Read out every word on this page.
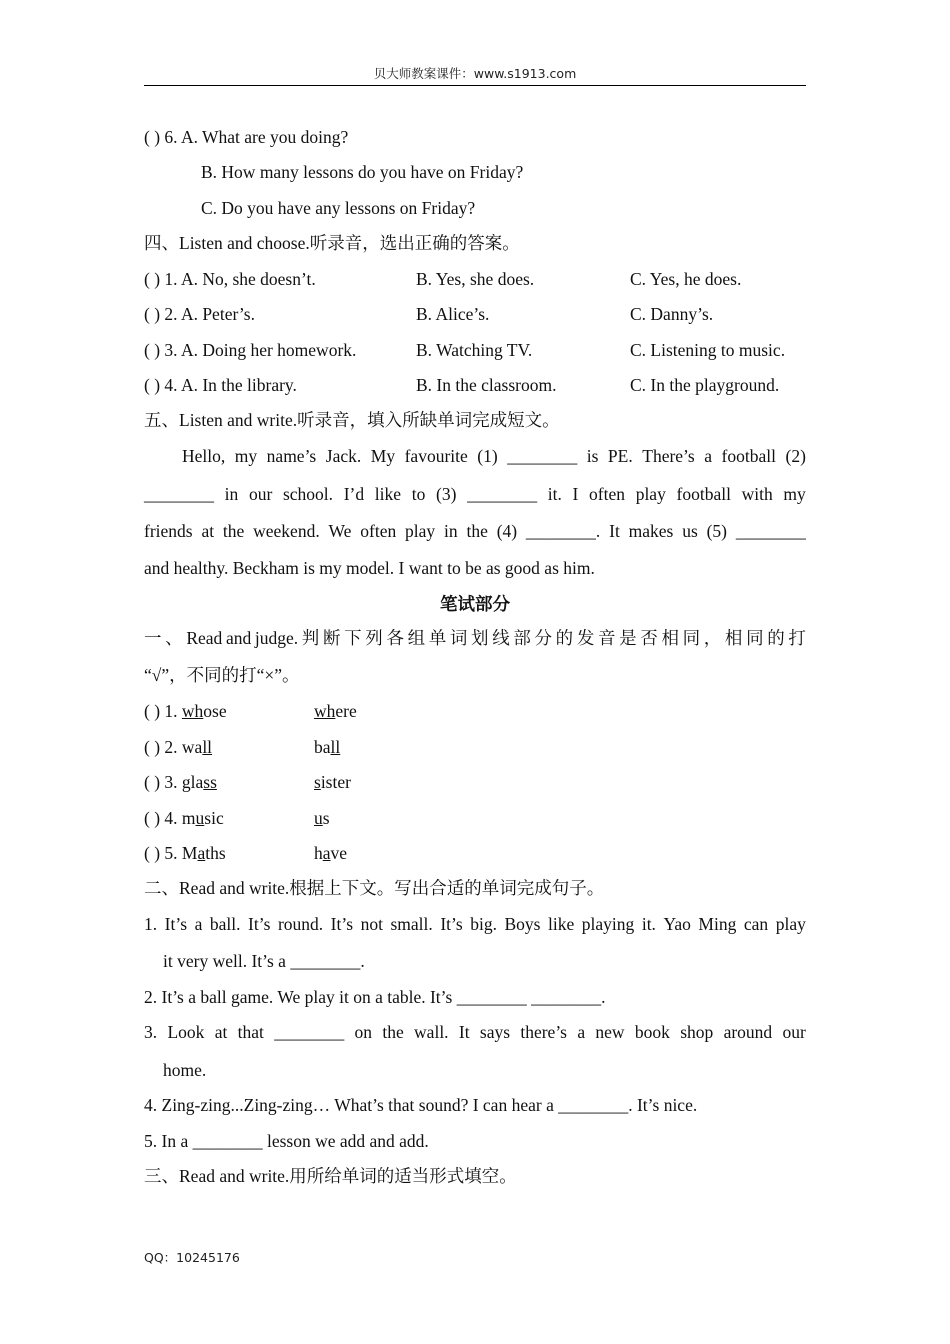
贝大师教案课件：www.s1913.com
( ) 6. A. What are you doing?
B. How many lessons do you have on Friday?
C. Do you have any lessons on Friday?
四、Listen and choose.听录音，选出正确的答案。
( ) 1. A. No, she doesn’t.	B. Yes, she does.	C. Yes, he does.
( ) 2. A. Peter’s.	B. Alice’s.	C. Danny’s.
( ) 3. A. Doing her homework.	B. Watching TV.	C. Listening to music.
( ) 4. A. In the library.	B. In the classroom.	C. In the playground.
五、Listen and write.听录音，填入所缺单词完成短文。
Hello, my name’s Jack. My favourite (1) ________ is PE. There’s a football (2)
________ in our school. I’d like to (3) ________ it. I often play football with my
friends at the weekend. We often play in the (4) ________. It makes us (5) ________
and healthy. Beckham is my model. I want to be as good as him.
笔试部分
一 、 Read and judge. 判 断 下 列 各 组 单 词 划 线 部 分 的 发 音 是 否 相 同 ， 相 同 的 打
“√”，不同的打“×”。
( ) 1. whose	where
( ) 2. wall	ball
( ) 3. glass	sister
( ) 4. music	us
( ) 5. Maths	have
二、Read and write.根据上下文。写出合适的单词完成句子。
1. It’s a ball. It’s round. It’s not small. It’s big. Boys like playing it. Yao Ming can play
it very well. It’s a ________.
2. It’s a ball game. We play it on a table. It’s ________ ________.
3. Look at that ________ on the wall. It says there’s a new book shop around our
home.
4. Zing-zing...Zing-zing… What’s that sound? I can hear a ________. It’s nice.
5. In a ________ lesson we add and add.
三、Read and write.用所给单词的适当形式填空。
QQ：10245176
